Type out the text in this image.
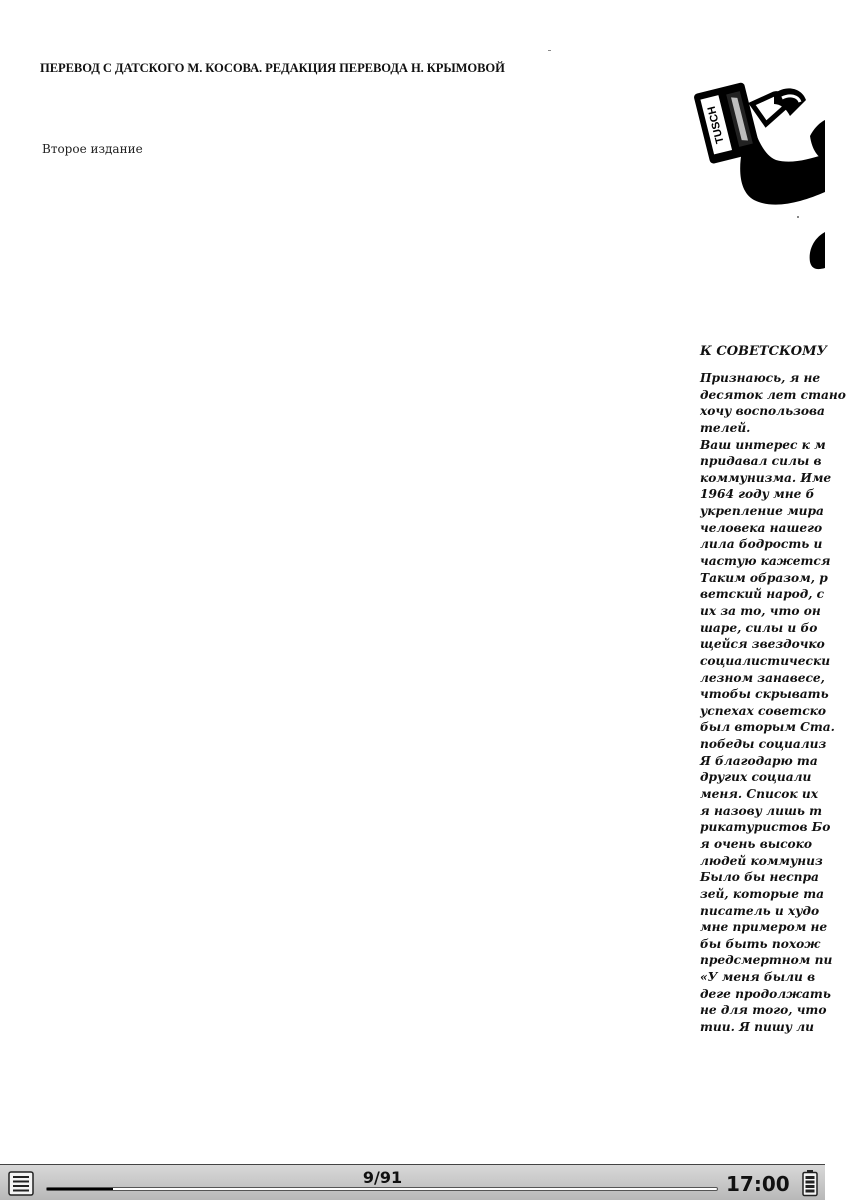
ПЕРЕВОД С ДАТСКОГО М. КОСОВА. РЕДАКЦИЯ ПЕРЕВОДА Н. КРЫМОВОЙ
Второе издание
TUSCH
К СОВЕТСКОМУ
Признаюсь, я не
десяток лет стано
хочу воспользова
телей.
Ваш интерес к м
придавал силы в
коммунизма. Име
1964 году мне б
укрепление мира
человека нашего
лила бодрость и
частую кажется
Таким образом, р
ветский народ, с
их за то, что он
шаре, силы и бо
щейся звездочко
социалистически
лезном занавесе,
чтобы скрывать
успехах советско
был вторым Ста.
победы социализ
Я благодарю та
других социали
меня. Список их
я назову лишь т
рикатуристов Бо
я очень высоко
людей коммуниз
Было бы неспра
зей, которые та
писатель и худо
мне примером не
бы быть похож
предсмертном пи
«У меня были в
деге продолжать
не для того, что
тии. Я пишу ли
9/91	17:00
